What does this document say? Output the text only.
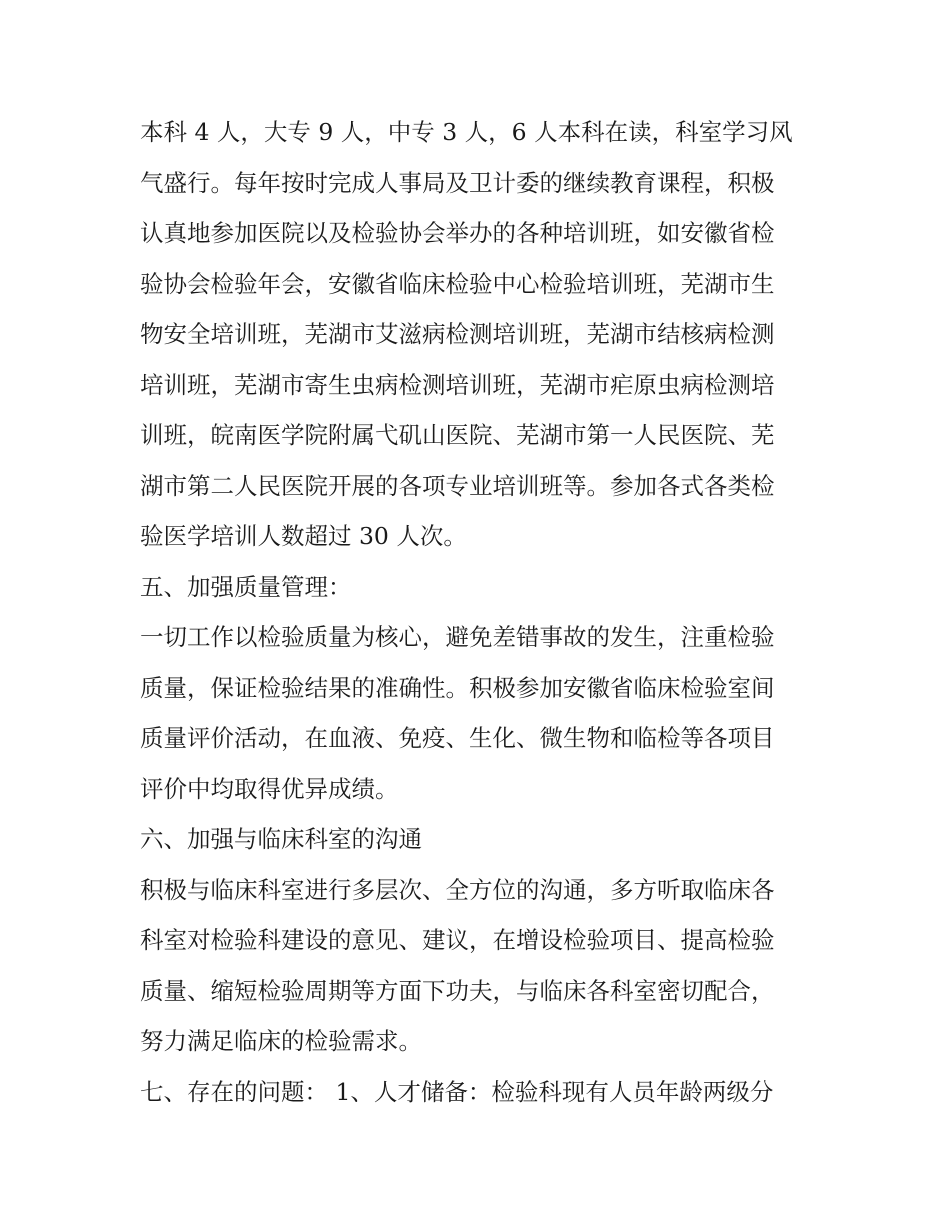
本科 4 人，大专 9 人，中专 3 人，6 人本科在读，科室学习风
气盛行。每年按时完成人事局及卫计委的继续教育课程，积极
认真地参加医院以及检验协会举办的各种培训班，如安徽省检
验协会检验年会，安徽省临床检验中心检验培训班，芜湖市生
物安全培训班，芜湖市艾滋病检测培训班，芜湖市结核病检测
培训班，芜湖市寄生虫病检测培训班，芜湖市疟原虫病检测培
训班，皖南医学院附属弋矶山医院、芜湖市第一人民医院、芜
湖市第二人民医院开展的各项专业培训班等。参加各式各类检
验医学培训人数超过 30 人次。
五、加强质量管理：
一切工作以检验质量为核心，避免差错事故的发生，注重检验
质量，保证检验结果的准确性。积极参加安徽省临床检验室间
质量评价活动，在血液、免疫、生化、微生物和临检等各项目
评价中均取得优异成绩。
六、加强与临床科室的沟通
积极与临床科室进行多层次、全方位的沟通，多方听取临床各
科室对检验科建设的意见、建议，在增设检验项目、提高检验
质量、缩短检验周期等方面下功夫，与临床各科室密切配合，
努力满足临床的检验需求。
七、存在的问题： 1、人才储备：检验科现有人员年龄两级分
